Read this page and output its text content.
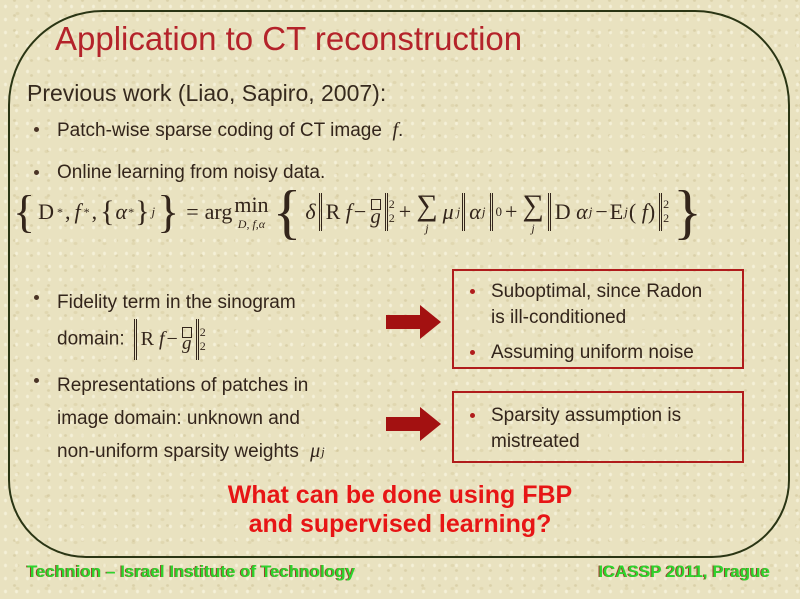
Application to CT reconstruction
Previous work (Liao, Sapiro, 2007):
Patch-wise sparse coding of CT image f.
Online learning from noisy data.
{ D * , f * , { α * } j } = arg min
D, f,α { δ R
f − g 2
2 + ∑
j
μ j α j 0 + ∑
j
D
α j − E j (
f ) 2
2 }
Fidelity term in the sinogram
domain: R
f − g
2
2
Representations of patches in
image domain: unknown and
non-uniform sparsity weights μ j
Suboptimal, since Radon
is ill-conditioned
Assuming uniform noise
Sparsity assumption is
mistreated
What can be done using FBP
and supervised learning?
Technion – Israel Institute of Technology	ICASSP 2011, Prague
